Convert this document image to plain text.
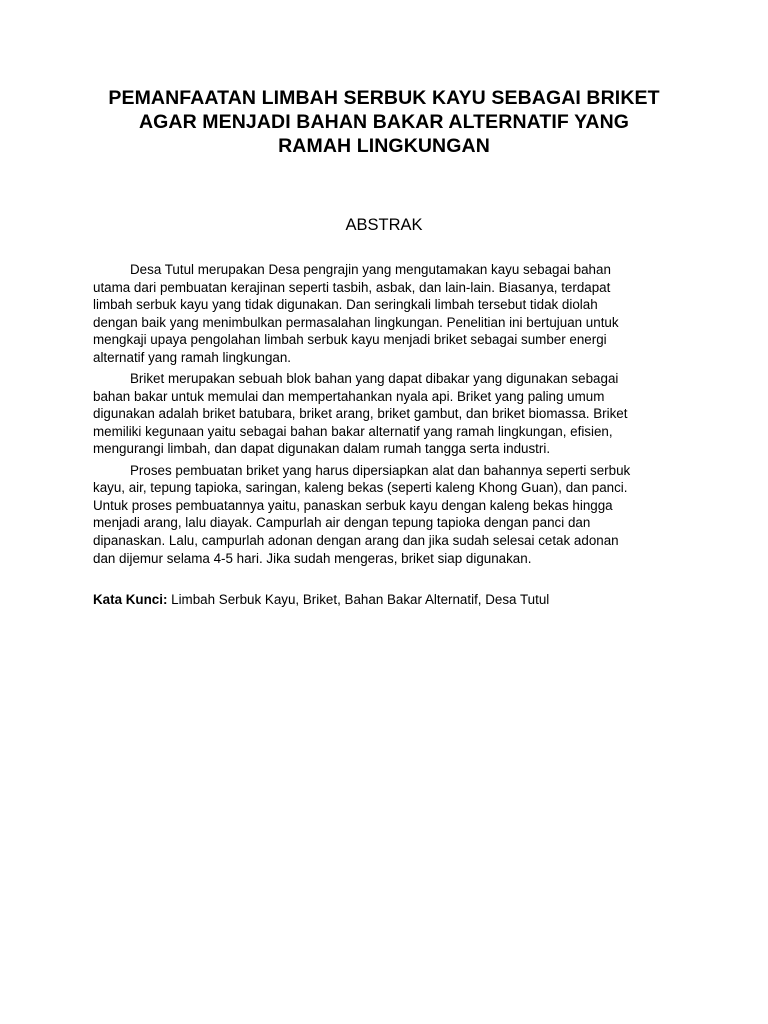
PEMANFAATAN LIMBAH SERBUK KAYU SEBAGAI BRIKET
AGAR MENJADI BAHAN BAKAR ALTERNATIF YANG
RAMAH LINGKUNGAN
ABSTRAK

Desa Tutul merupakan Desa pengrajin yang mengutamakan kayu sebagai bahan
utama dari pembuatan kerajinan seperti tasbih, asbak, dan lain-lain. Biasanya, terdapat
limbah serbuk kayu yang tidak digunakan. Dan seringkali limbah tersebut tidak diolah
dengan baik yang menimbulkan permasalahan lingkungan. Penelitian ini bertujuan untuk
mengkaji upaya pengolahan limbah serbuk kayu menjadi briket sebagai sumber energi
alternatif yang ramah lingkungan.

Briket merupakan sebuah blok bahan yang dapat dibakar yang digunakan sebagai
bahan bakar untuk memulai dan mempertahankan nyala api. Briket yang paling umum
digunakan adalah briket batubara, briket arang, briket gambut, dan briket biomassa. Briket
memiliki kegunaan yaitu sebagai bahan bakar alternatif yang ramah lingkungan, efisien,
mengurangi limbah, dan dapat digunakan dalam rumah tangga serta industri.

Proses pembuatan briket yang harus dipersiapkan alat dan bahannya seperti serbuk
kayu, air, tepung tapioka, saringan, kaleng bekas (seperti kaleng Khong Guan), dan panci.
Untuk proses pembuatannya yaitu, panaskan serbuk kayu dengan kaleng bekas hingga
menjadi arang, lalu diayak. Campurlah air dengan tepung tapioka dengan panci dan
dipanaskan. Lalu, campurlah adonan dengan arang dan jika sudah selesai cetak adonan
dan dijemur selama 4-5 hari. Jika sudah mengeras, briket siap digunakan.

Kata Kunci: Limbah Serbuk Kayu, Briket, Bahan Bakar Alternatif, Desa Tutul
